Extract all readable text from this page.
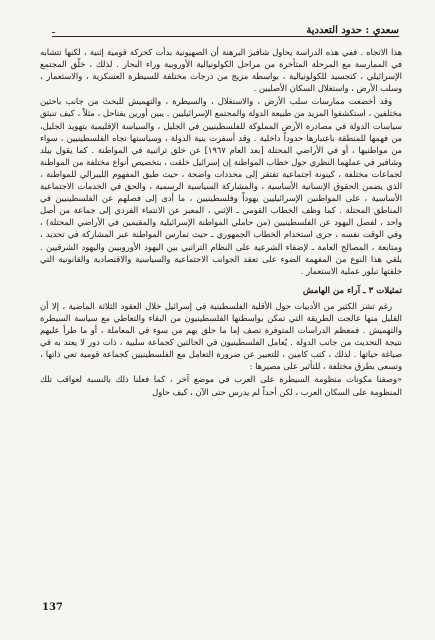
سعدي : حدود التعددية
ـ

هذا الاتجاه . ففي هذه الدراسة يحاول شافير البرهنة أن الصهيونية بدأت كحركة قومية إثنية ، لكنها تتشابه في الممارسة مع المرحلة المتأخرة من مراحل الكولونيالية الأوروبية وراء البحار . لذلك ، خلّق المجتمع الإسرائيلي ، كتجسيد للكولونيالية ، بواسطة مزيج من درجات مختلفة للسيطرة العسكرية ، والاستعمار ، وسلب الأرض ، واستغلال السكان الأصليين .

وقد أخضعت ممارسات سلب الأرض ، والاستغلال ، والسيطرة ، والتهميش للبحث من جانب باحثين مختلفين ، استكشفوا المزيد من طبيعة الدولة والمجتمع الإسرائيليين . يبين أورين يفتاحل ، مثلاً ، كيف تنبثق سياسات الدولة في مصادرة الأرض المملوكة للفلسطينيين في الجليل ، والسياسة الإقليمية بتهويد الجليل، من فهمها للمنطقة باعتبارها حدوداً داخلية . وقد أسفرت بنية الدولة ، وسياستها تجاه الفلسطينيين ، سواء من مواطنيها ، أو في الأراضي المحتلة [بعد العام ١٩٦٧] عن خلق تراتبية في المواطنة . كما يقول بيلد وشافير في عملهما النظري حول خطاب المواطنة إن إسرائيل خلقت ، بتخصيص أنواع مختلفة من المواطنة لجماعات مختلفة ، كينونة اجتماعية تفتقر إلى محددات واضحة ، حيث طبق المفهوم الليبرالي للمواطنة ، الذي يضمن الحقوق الإنسانية الأساسية ، والمشاركة السياسية الرسمية ، والحق في الخدمات الاجتماعية الأساسية ، على المواطنين الإسرائيليين يهوداً وفلسطينيين ، ما أدى إلى فصلهم عن الفلسطينيين في المناطق المحتلة . كما وظف الخطاب القومي ـ الإثني ، المعبر عن الانتماء الفردي إلى جماعة من أصل واحد ، لفصل اليهود عن الفلسطينيين (من حاملي المواطنة الإسرائيلية والمقيمين في الأراضي المحتلة) ، وفي الوقت نفسه ، جرى استخدام الخطاب الجمهوري ـ حيث تمارس المواطنة عبر المشاركة في تحديد ، ومتابعة ، المصالح العامة ـ لإضفاء الشرعية على النظام التراتبي بين اليهود الأوروبيين واليهود الشرقيين . يلقي هذا النوع من المفهمة الضوء على تعقد الجوانب الاجتماعية والسياسية والاقتصادية والقانونية التي خلقتها تبلور عملية الاستعمار .

تمثيلات ٣ ـ آراء من الهامش

رغم تشر الكثير من الأدبيات حول الأقلية الفلسطينية في إسرائيل خلال العقود الثلاثة الماضية ، إلا أن القليل منها عالجت الطريقة التي تمكن بواسطتها الفلسطينيون من البقاء والتعاطي مع سياسة السيطرة والتهميش . فمعظم الدراسات المتوفرة تصف إما ما حلق بهم من سوء في المعاملة ، أو ما طرأ عليهم نتيجة التحديث من جانب الدولة . يُعامل الفلسطينيون في الحالتين كجماعة سلبية ، ذات دور لا يعتد به في صياغة حياتها . لذلك ، كتب كامين ، للتعبير عن ضرورة التعامل مع الفلسطينيين كجماعة قومية تعي ذاتها ، وتسعى بطرق مختلفة ، للتأثير على مصيرها :

«وصفنا مكونات منظومة السيطرة على العرب في موضع آخر ، كما فعلنا ذلك بالنسبة لعواقب تلك المنظومة على السكان العرب ، لكن أحداً لم يدرس حتى الآن ، كيف حاول

137
